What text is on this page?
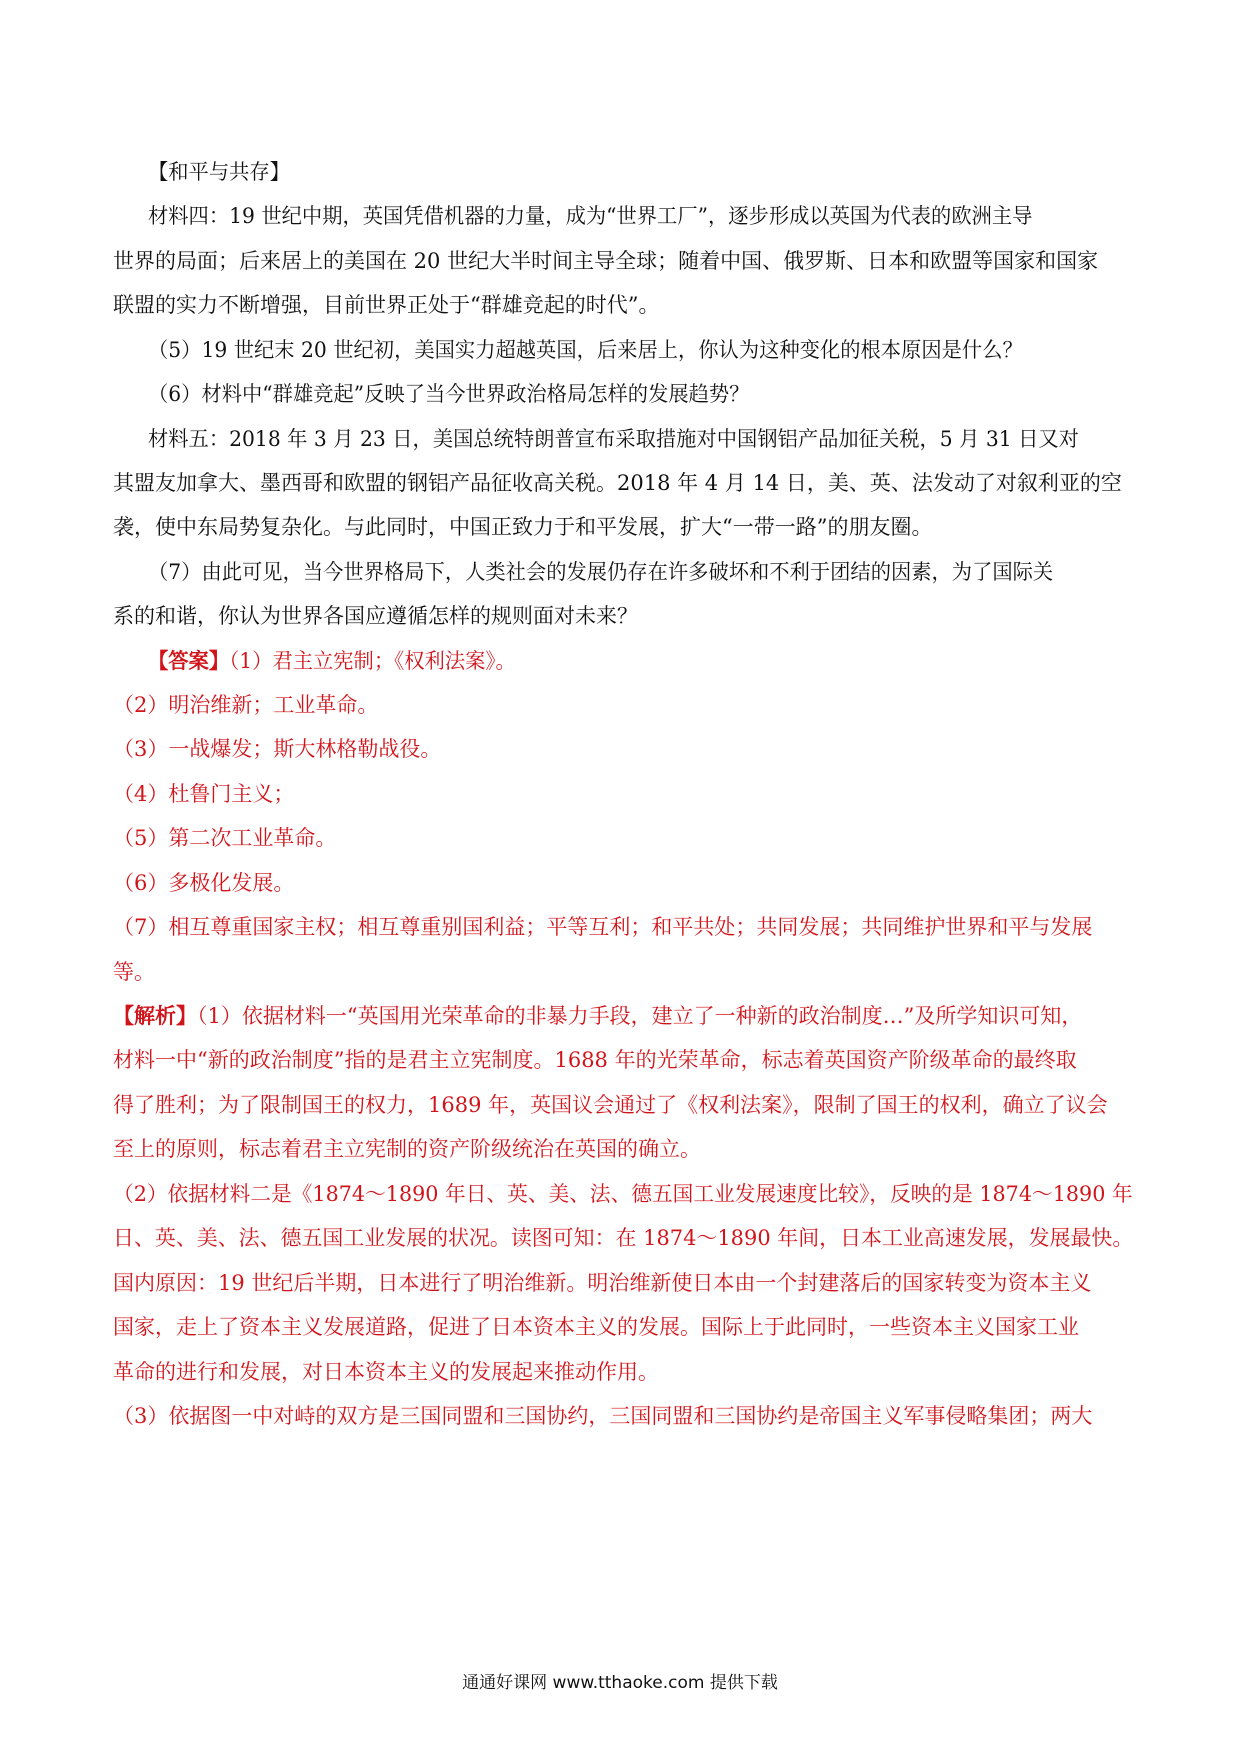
【和平与共存】
材料四：19 世纪中期，英国凭借机器的力量，成为“世界工厂”，逐步形成以英国为代表的欧洲主导
世界的局面；后来居上的美国在 20 世纪大半时间主导全球；随着中国、俄罗斯、日本和欧盟等国家和国家
联盟的实力不断增强，目前世界正处于“群雄竞起的时代”。
（5）19 世纪末 20 世纪初，美国实力超越英国，后来居上，你认为这种变化的根本原因是什么？
（6）材料中“群雄竞起”反映了当今世界政治格局怎样的发展趋势？
材料五：2018 年 3 月 23 日，美国总统特朗普宣布采取措施对中国钢铝产品加征关税，5 月 31 日又对
其盟友加拿大、墨西哥和欧盟的钢铝产品征收高关税。2018 年 4 月 14 日，美、英、法发动了对叙利亚的空
袭，使中东局势复杂化。与此同时，中国正致力于和平发展，扩大“一带一路”的朋友圈。
（7）由此可见，当今世界格局下，人类社会的发展仍存在许多破坏和不利于团结的因素，为了国际关
系的和谐，你认为世界各国应遵循怎样的规则面对未来？
【答案】（1）君主立宪制；《权利法案》。
（2）明治维新；工业革命。
（3）一战爆发；斯大林格勒战役。
（4）杜鲁门主义；
（5）第二次工业革命。
（6）多极化发展。
（7）相互尊重国家主权；相互尊重别国利益；平等互利；和平共处；共同发展；共同维护世界和平与发展
等。
【解析】（1）依据材料一“英国用光荣革命的非暴力手段，建立了一种新的政治制度…”及所学知识可知，
材料一中“新的政治制度”指的是君主立宪制度。1688 年的光荣革命，标志着英国资产阶级革命的最终取
得了胜利；为了限制国王的权力，1689 年，英国议会通过了《权利法案》，限制了国王的权利，确立了议会
至上的原则，标志着君主立宪制的资产阶级统治在英国的确立。
（2）依据材料二是《1874～1890 年日、英、美、法、德五国工业发展速度比较》，反映的是 1874～1890 年
日、英、美、法、德五国工业发展的状况。读图可知：在 1874～1890 年间，日本工业高速发展，发展最快。
国内原因：19 世纪后半期，日本进行了明治维新。明治维新使日本由一个封建落后的国家转变为资本主义
国家，走上了资本主义发展道路，促进了日本资本主义的发展。国际上于此同时，一些资本主义国家工业
革命的进行和发展，对日本资本主义的发展起来推动作用。
（3）依据图一中对峙的双方是三国同盟和三国协约，三国同盟和三国协约是帝国主义军事侵略集团；两大
通通好课网 www.tthaoke.com 提供下载
